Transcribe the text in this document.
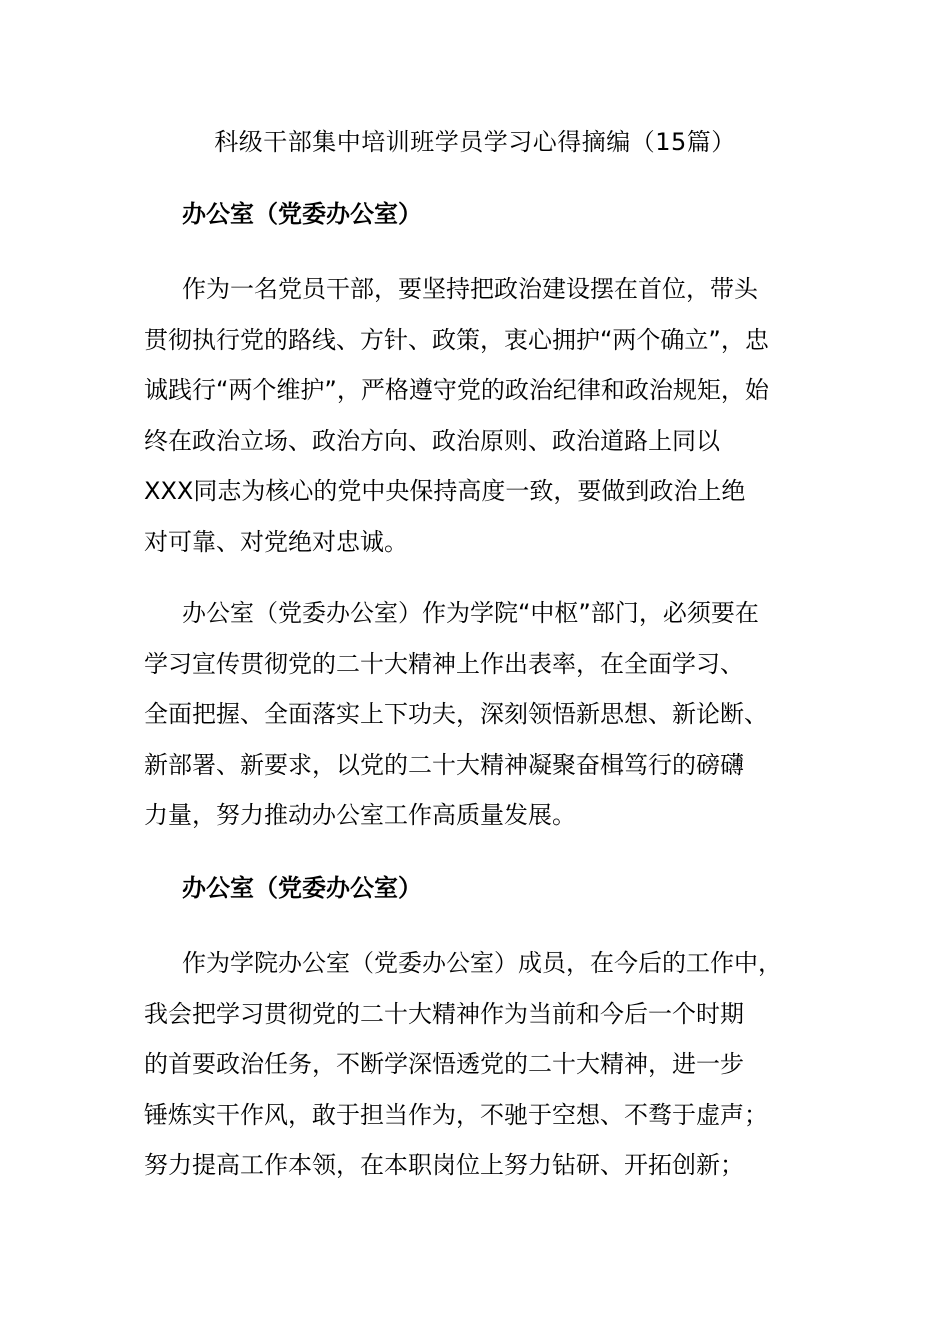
科级干部集中培训班学员学习心得摘编（15篇）
办公室（党委办公室）
作为一名党员干部，要坚持把政治建设摆在首位，带头
贯彻执行党的路线、方针、政策，衷心拥护“两个确立”，忠
诚践行“两个维护”，严格遵守党的政治纪律和政治规矩，始
终在政治立场、政治方向、政治原则、政治道路上同以
XXX同志为核心的党中央保持高度一致，要做到政治上绝
对可靠、对党绝对忠诚。
办公室（党委办公室）作为学院“中枢”部门，必须要在
学习宣传贯彻党的二十大精神上作出表率，在全面学习、
全面把握、全面落实上下功夫，深刻领悟新思想、新论断、
新部署、新要求，以党的二十大精神凝聚奋楫笃行的磅礴
力量，努力推动办公室工作高质量发展。
办公室（党委办公室）
作为学院办公室（党委办公室）成员，在今后的工作中，
我会把学习贯彻党的二十大精神作为当前和今后一个时期
的首要政治任务，不断学深悟透党的二十大精神，进一步
锤炼实干作风，敢于担当作为，不驰于空想、不骛于虚声；
努力提高工作本领，在本职岗位上努力钻研、开拓创新；
